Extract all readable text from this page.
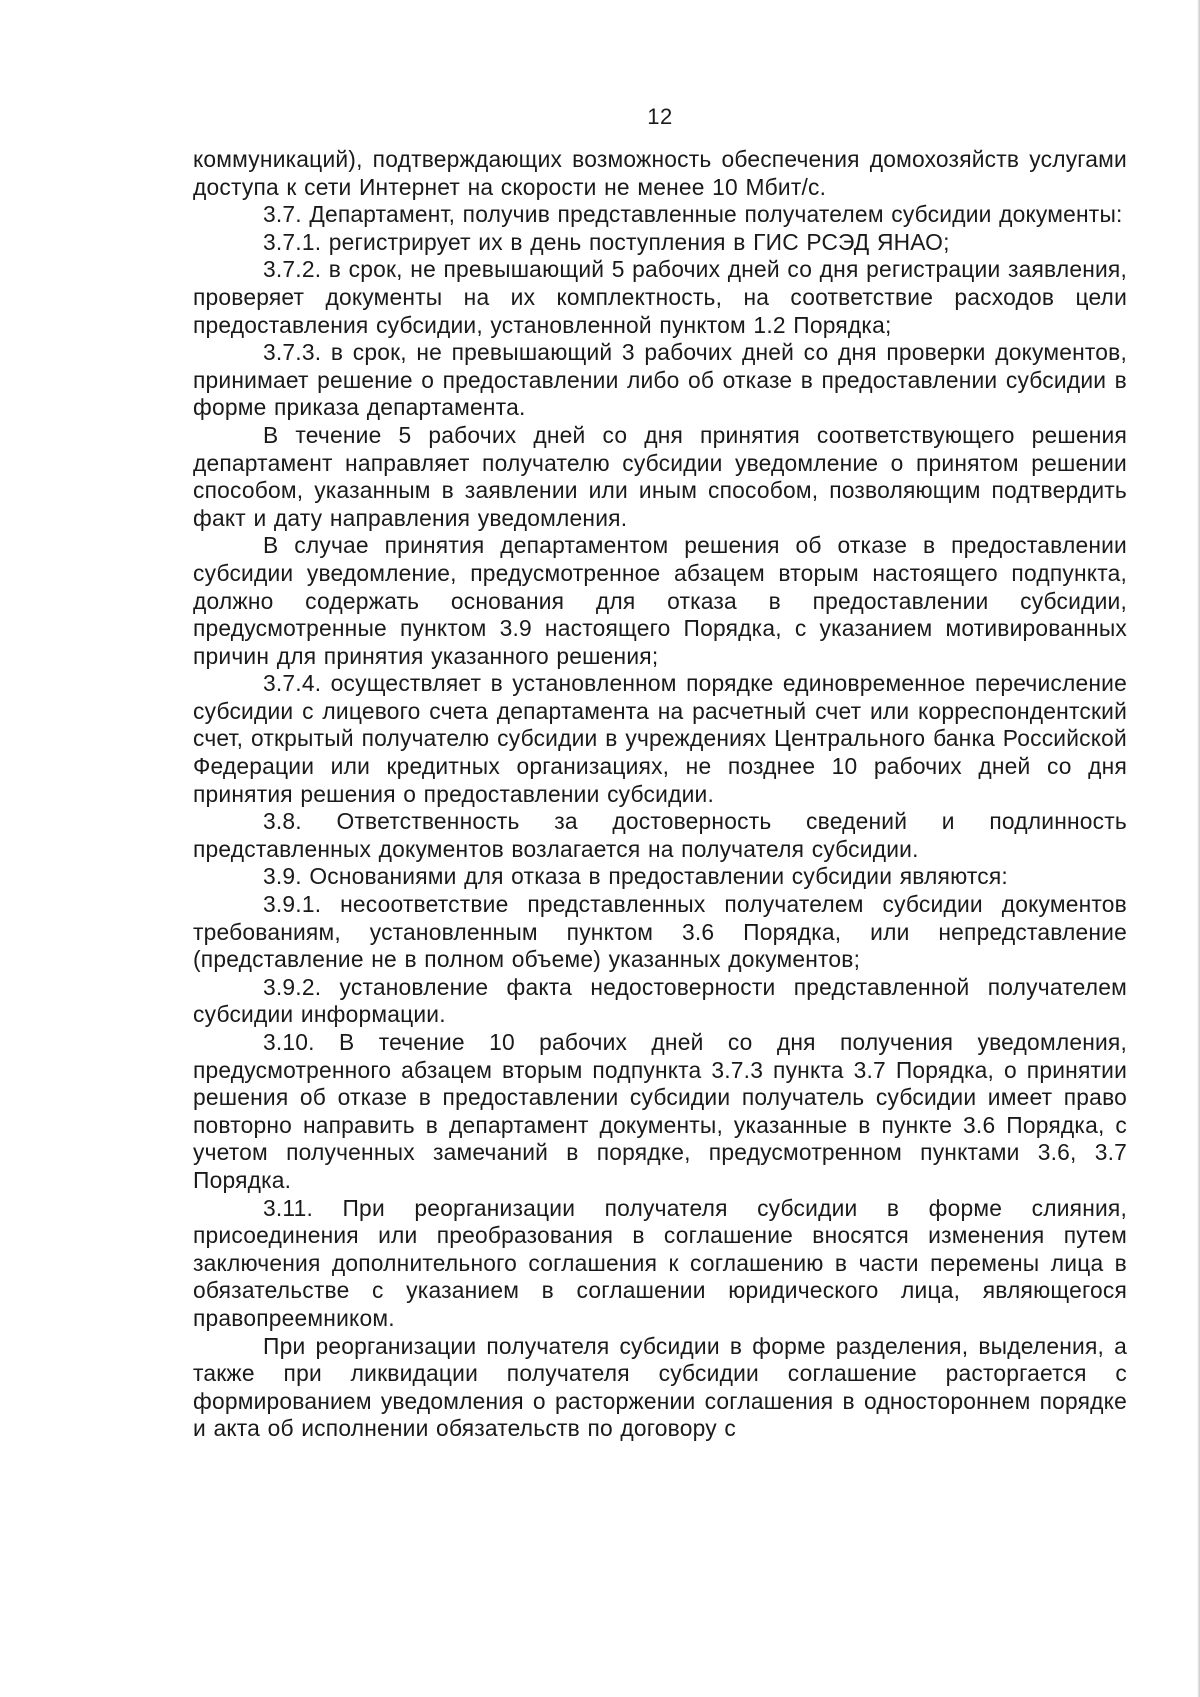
12

коммуникаций), подтверждающих возможность обеспечения домохозяйств услугами доступа к сети Интернет на скорости не менее 10 Мбит/с.

3.7. Департамент, получив представленные получателем субсидии документы:

3.7.1. регистрирует их в день поступления в ГИС РСЭД ЯНАО;

3.7.2. в срок, не превышающий 5 рабочих дней со дня регистрации заявления, проверяет документы на их комплектность, на соответствие расходов цели предоставления субсидии, установленной пунктом 1.2 Порядка;

3.7.3. в срок, не превышающий 3 рабочих дней со дня проверки документов, принимает решение о предоставлении либо об отказе в предоставлении субсидии в форме приказа департамента.

В течение 5 рабочих дней со дня принятия соответствующего решения департамент направляет получателю субсидии уведомление о принятом решении способом, указанным в заявлении или иным способом, позволяющим подтвердить факт и дату направления уведомления.

В случае принятия департаментом решения об отказе в предоставлении субсидии уведомление, предусмотренное абзацем вторым настоящего подпункта, должно содержать основания для отказа в предоставлении субсидии, предусмотренные пунктом 3.9 настоящего Порядка, с указанием мотивированных причин для принятия указанного решения;

3.7.4. осуществляет в установленном порядке единовременное перечисление субсидии с лицевого счета департамента на расчетный счет или корреспондентский счет, открытый получателю субсидии в учреждениях Центрального банка Российской Федерации или кредитных организациях, не позднее 10 рабочих дней со дня принятия решения о предоставлении субсидии.

3.8. Ответственность за достоверность сведений и подлинность представленных документов возлагается на получателя субсидии.

3.9. Основаниями для отказа в предоставлении субсидии являются:

3.9.1. несоответствие представленных получателем субсидии документов требованиям, установленным пунктом 3.6 Порядка, или непредставление (представление не в полном объеме) указанных документов;

3.9.2. установление факта недостоверности представленной получателем субсидии информации.

3.10. В течение 10 рабочих дней со дня получения уведомления, предусмотренного абзацем вторым подпункта 3.7.3 пункта 3.7 Порядка, о принятии решения об отказе в предоставлении субсидии получатель субсидии имеет право повторно направить в департамент документы, указанные в пункте 3.6 Порядка, с учетом полученных замечаний в порядке, предусмотренном пунктами 3.6, 3.7 Порядка.

3.11. При реорганизации получателя субсидии в форме слияния, присоединения или преобразования в соглашение вносятся изменения путем заключения дополнительного соглашения к соглашению в части перемены лица в обязательстве с указанием в соглашении юридического лица, являющегося правопреемником.

При реорганизации получателя субсидии в форме разделения, выделения, а также при ликвидации получателя субсидии соглашение расторгается с формированием уведомления о расторжении соглашения в одностороннем порядке и акта об исполнении обязательств по договору с
